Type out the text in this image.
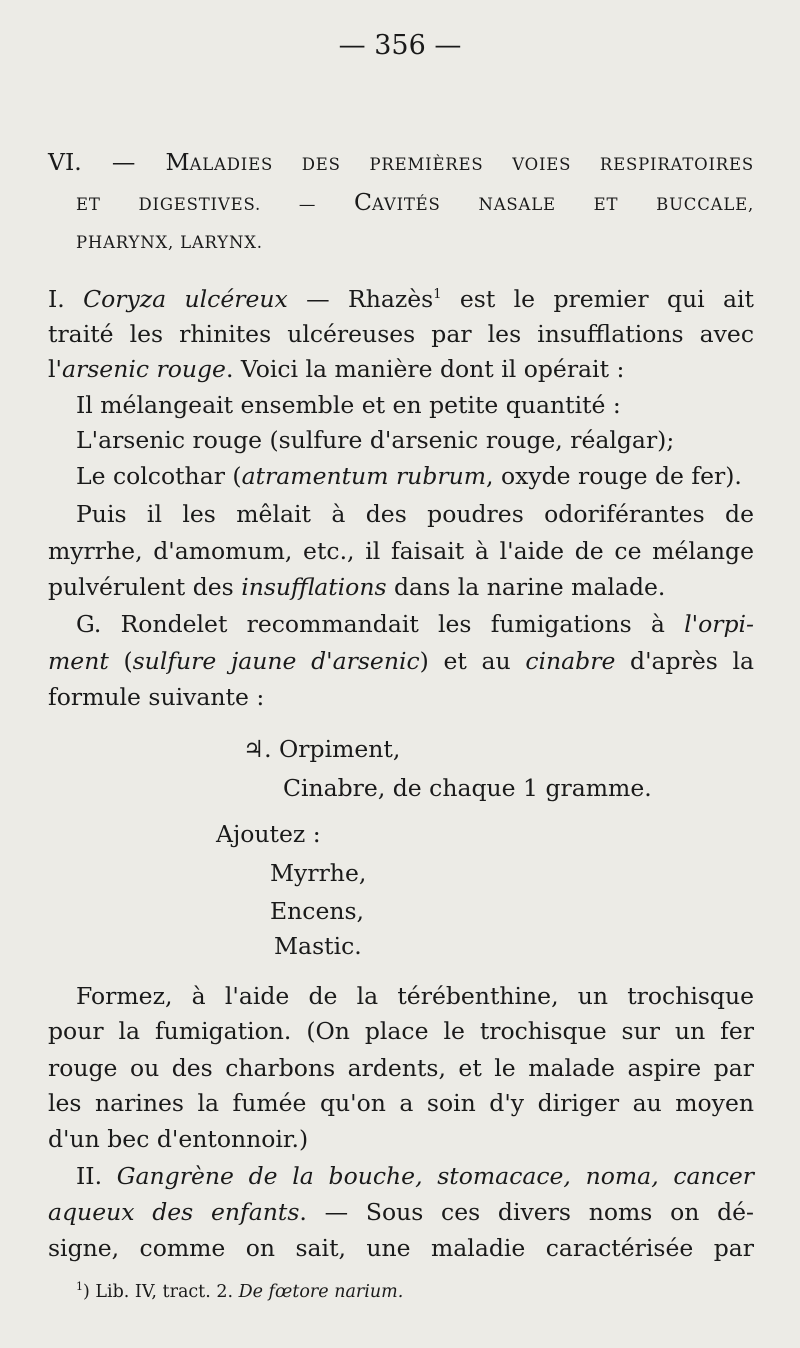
— 356 —
VI. — MALADIES DES PREMIÈRES VOIES RESPIRATOIRES
ET DIGESTIVES. — CAVITÉS NASALE ET BUCCALE,
PHARYNX, LARYNX.
I. Coryza ulcéreux — Rhazès$^1$ est le premier qui ait
traité les rhinites ulcéreuses par les insufflations avec
l'arsenic rouge. Voici la manière dont il opérait :
Il mélangeait ensemble et en petite quantité :
L'arsenic rouge (sulfure d'arsenic rouge, réalgar);
Le colcothar (atramentum rubrum, oxyde rouge de fer).
Puis il les mêlait à des poudres odoriférantes de
myrrhe, d'amomum, etc., il faisait à l'aide de ce mélange
pulvérulent des insufflations dans la narine malade.
G. Rondelet recommandait les fumigations à l'orpi-
ment (sulfure jaune d'arsenic) et au cinabre d'après la
formule suivante :
♃. Orpiment,
Cinabre, de chaque 1 gramme.
Ajoutez :
Myrrhe,
Encens,
Mastic.
Formez, à l'aide de la térébenthine, un trochisque
pour la fumigation. (On place le trochisque sur un fer
rouge ou des charbons ardents, et le malade aspire par
les narines la fumée qu'on a soin d'y diriger au moyen
d'un bec d'entonnoir.)
II. Gangrène de la bouche, stomacace, noma, cancer
aqueux des enfants. — Sous ces divers noms on dé-
signe, comme on sait, une maladie caractérisée par
$^1$) Lib. IV, tract. 2. De fœtore narium.
